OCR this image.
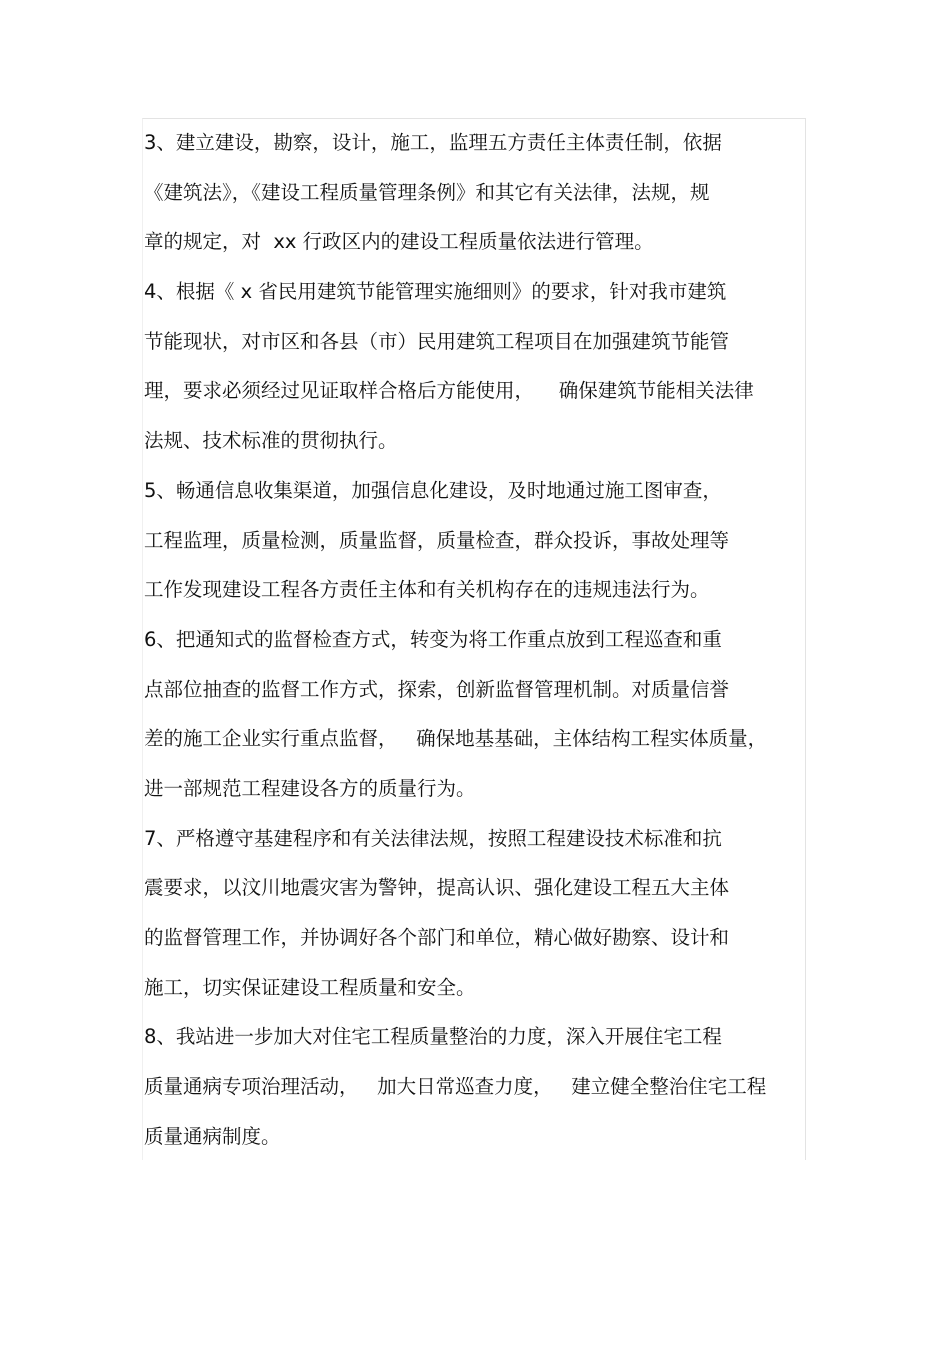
3、建立建设，勘察，设计，施工，监理五方责任主体责任制，依据

《建筑法》，《建设工程质量管理条例》和其它有关法律，法规，规

章的规定，对  xx 行政区内的建设工程质量依法进行管理。

4、根据《 x 省民用建筑节能管理实施细则》的要求，针对我市建筑

节能现状，对市区和各县（市）民用建筑工程项目在加强建筑节能管

理，要求必须经过见证取样合格后方能使用，    确保建筑节能相关法律

法规、技术标准的贯彻执行。

5、畅通信息收集渠道，加强信息化建设，及时地通过施工图审查，

工程监理，质量检测，质量监督，质量检查，群众投诉，事故处理等

工作发现建设工程各方责任主体和有关机构存在的违规违法行为。

6、把通知式的监督检查方式，转变为将工作重点放到工程巡查和重

点部位抽查的监督工作方式，探索，创新监督管理机制。对质量信誉

差的施工企业实行重点监督，   确保地基基础，主体结构工程实体质量，

进一部规范工程建设各方的质量行为。

7、严格遵守基建程序和有关法律法规，按照工程建设技术标准和抗

震要求，以汶川地震灾害为警钟，提高认识、强化建设工程五大主体

的监督管理工作，并协调好各个部门和单位，精心做好勘察、设计和

施工，切实保证建设工程质量和安全。

8、我站进一步加大对住宅工程质量整治的力度，深入开展住宅工程

质量通病专项治理活动，   加大日常巡查力度，   建立健全整治住宅工程

质量通病制度。
